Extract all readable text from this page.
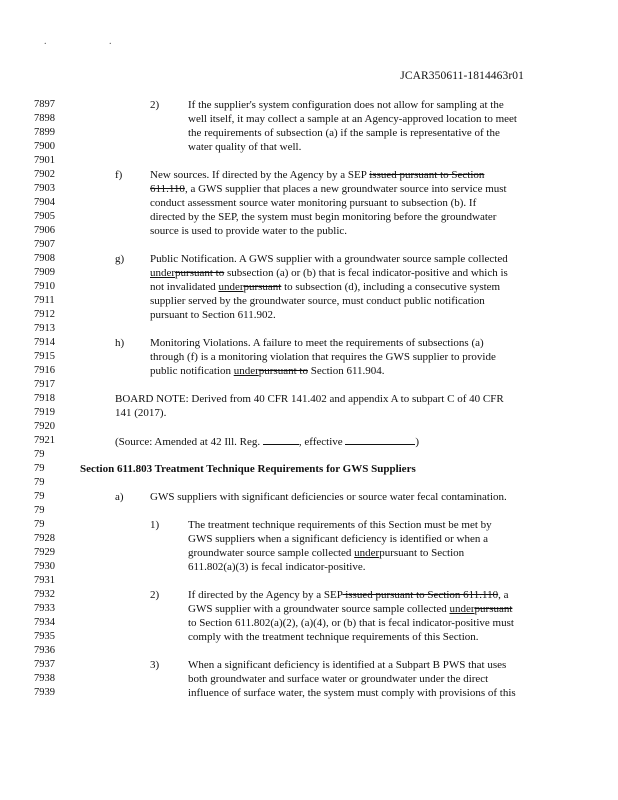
. .
JCAR350611-1814463r01
7897	2)	If the supplier's system configuration does not allow for sampling at the
7898	well itself, it may collect a sample at an Agency-approved location to meet
7899	the requirements of subsection (a) if the sample is representative of the
7900	water quality of that well.
7901
7902	f)	New sources. If directed by the Agency by a SEP issued pursuant to Section
7903	611.110, a GWS supplier that places a new groundwater source into service must
7904	conduct assessment source water monitoring pursuant to subsection (b). If
7905	directed by the SEP, the system must begin monitoring before the groundwater
7906	source is used to provide water to the public.
7907
7908	g) Public Notification. A GWS supplier with a groundwater source sample collected
7909	underpursuant to subsection (a) or (b) that is fecal indicator-positive and which is
7910	not invalidated underpursuant to subsection (d), including a consecutive system
7911	supplier served by the groundwater source, must conduct public notification
7912	pursuant to Section 611.902.
7913
7914	h) Monitoring Violations. A failure to meet the requirements of subsections (a)
7915	through (f) is a monitoring violation that requires the GWS supplier to provide
7916	public notification underpursuant to Section 611.904.
7917
7918	BOARD NOTE: Derived from 40 CFR 141.402 and appendix A to subpart C of 40 CFR
7919	141 (2017).
7920
7921	(Source: Amended at 42 Ill. Reg.	, effective	)
79
79	Section 611.803 Treatment Technique Requirements for GWS Suppliers
79
79	a) GWS suppliers with significant deficiencies or source water fecal contamination.
79
79	1)	The treatment technique requirements of this Section must be met by
7928	GWS suppliers when a significant deficiency is identified or when a
7929	groundwater source sample collected underpursuant to Section
7930	611.802(a)(3) is fecal indicator-positive.
7931
7932	2)	If directed by the Agency by a SEP issued pursuant to Section 611.110, a
7933	GWS supplier with a groundwater source sample collected underpursuant
7934	to Section 611.802(a)(2), (a)(4), or (b) that is fecal indicator-positive must
7935	comply with the treatment technique requirements of this Section.
7936
7937	3)	When a significant deficiency is identified at a Subpart B PWS that uses
7938	both groundwater and surface water or groundwater under the direct
7939	influence of surface water, the system must comply with provisions of this
